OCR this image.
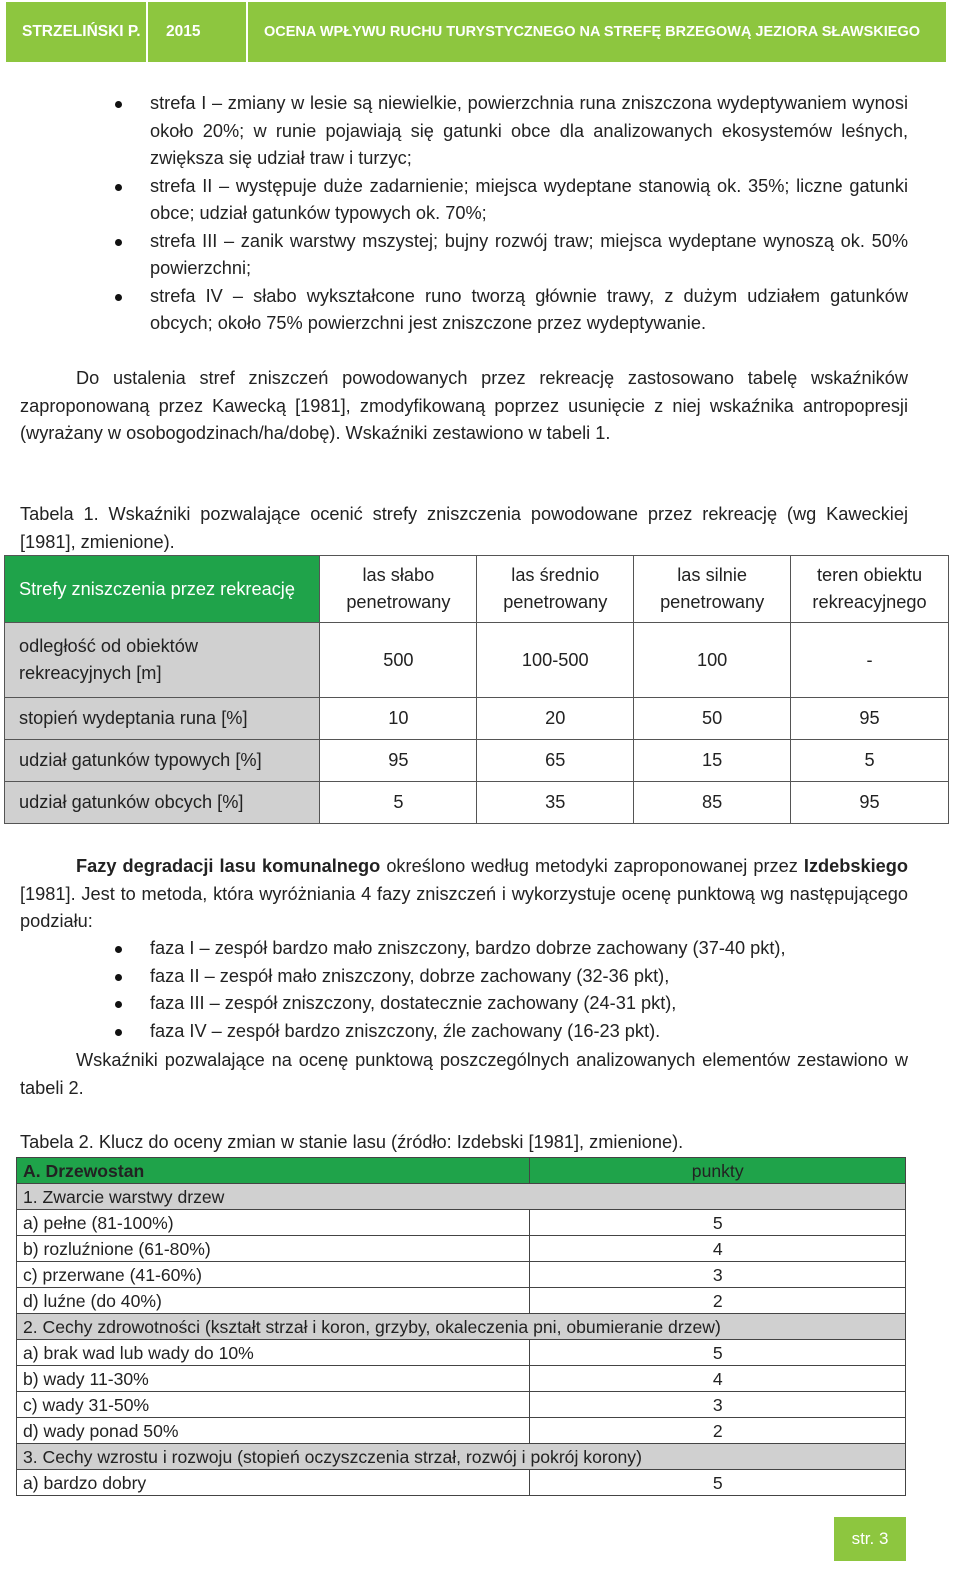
STRZELIŃSKI P. 2015	OCENA WPŁYWU RUCHU TURYSTYCZNEGO NA STREFĘ BRZEGOWĄ JEZIORA SŁAWSKIEGO
strefa I – zmiany w lesie są niewielkie, powierzchnia runa zniszczona wydeptywaniem wynosi około 20%; w runie pojawiają się gatunki obce dla analizowanych ekosystemów leśnych, zwiększa się udział traw i turzyc;
strefa II – występuje duże zadarnienie; miejsca wydeptane stanowią ok. 35%; liczne gatunki obce; udział gatunków typowych ok. 70%;
strefa III – zanik warstwy mszystej; bujny rozwój traw; miejsca wydeptane wynoszą ok. 50% powierzchni;
strefa IV – słabo wykształcone runo tworzą głównie trawy, z dużym udziałem gatunków obcych; około 75% powierzchni jest zniszczone przez wydeptywanie.
Do ustalenia stref zniszczeń powodowanych przez rekreację zastosowano tabelę wskaźników zaproponowaną przez Kawecką [1981], zmodyfikowaną poprzez usunięcie z niej wskaźnika antropopresji (wyrażany w osobogodzinach/ha/dobę). Wskaźniki zestawiono w tabeli 1.
Tabela 1. Wskaźniki pozwalające ocenić strefy zniszczenia powodowane przez rekreację (wg Kaweckiej [1981], zmienione).
Strefy zniszczenia przez rekreację	las słabo penetrowany	las średnio penetrowany	las silnie penetrowany	teren obiektu rekreacyjnego
odległość od obiektów rekreacyjnych [m]	500	100-500	100	-
stopień wydeptania runa [%]	10	20	50	95
udział gatunków typowych [%]	95	65	15	5
udział gatunków obcych [%]	5	35	85	95
Fazy degradacji lasu komunalnego określono według metodyki zaproponowanej przez Izdebskiego [1981]. Jest to metoda, która wyróżniania 4 fazy zniszczeń i wykorzystuje ocenę punktową wg następującego podziału:
faza I – zespół bardzo mało zniszczony, bardzo dobrze zachowany (37-40 pkt),
faza II – zespół mało zniszczony, dobrze zachowany (32-36 pkt),
faza III – zespół zniszczony, dostatecznie zachowany (24-31 pkt),
faza IV – zespół bardzo zniszczony, źle zachowany (16-23 pkt).
Wskaźniki pozwalające na ocenę punktową poszczególnych analizowanych elementów zestawiono w tabeli 2.
Tabela 2. Klucz do oceny zmian w stanie lasu (źródło: Izdebski [1981], zmienione).
A. Drzewostan	punkty
1. Zwarcie warstwy drzew	
a) pełne (81-100%)	5
b) rozluźnione (61-80%)	4
c) przerwane (41-60%)	3
d) luźne (do 40%)	2
2. Cechy zdrowotności (kształt strzał i koron, grzyby, okaleczenia pni, obumieranie drzew)	
a) brak wad lub wady do 10%	5
b) wady 11-30%	4
c) wady 31-50%	3
d) wady ponad 50%	2
3. Cechy wzrostu i rozwoju (stopień oczyszczenia strzał, rozwój i pokrój korony)	
a) bardzo dobry	5
str. 3
